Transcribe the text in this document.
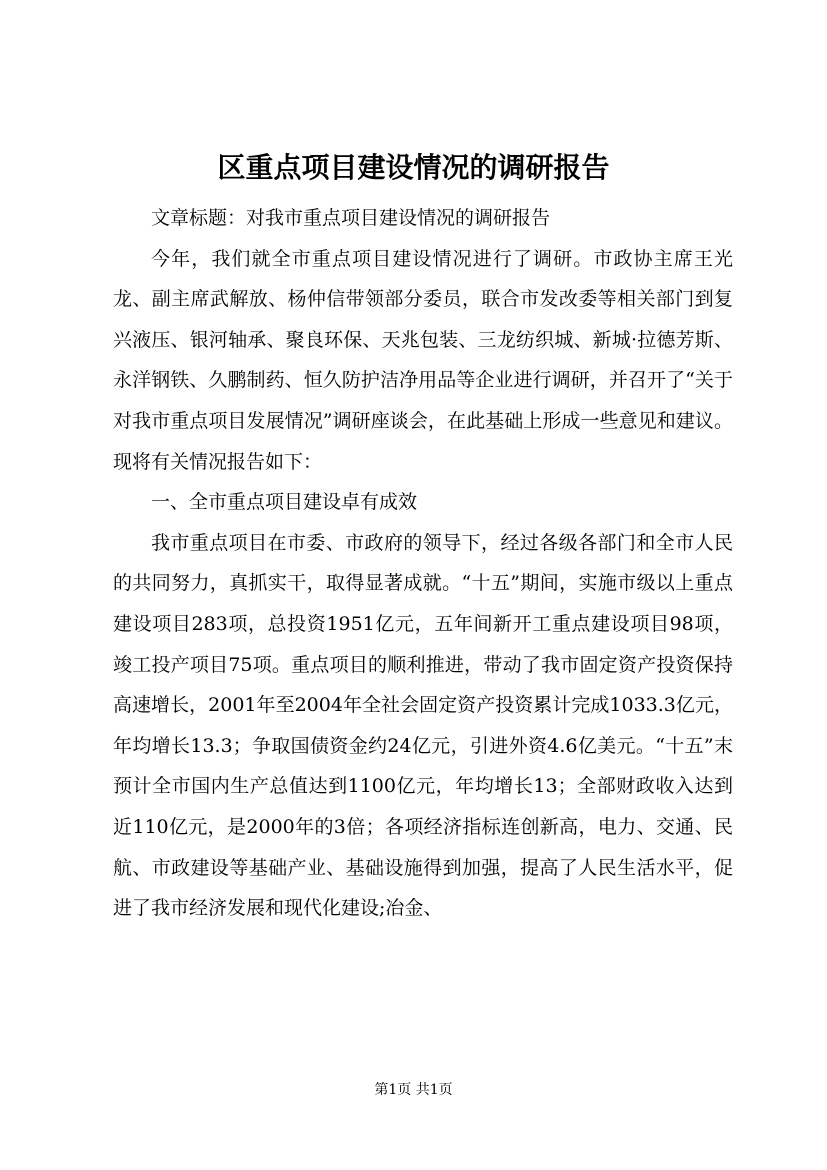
区重点项目建设情况的调研报告

文章标题：对我市重点项目建设情况的调研报告

今年，我们就全市重点项目建设情况进行了调研。市政协主席王光龙、副主席武解放、杨仲信带领部分委员，联合市发改委等相关部门到复兴液压、银河轴承、聚良环保、天兆包装、三龙纺织城、新城·拉德芳斯、永洋钢铁、久鹏制药、恒久防护洁净用品等企业进行调研，并召开了“关于对我市重点项目发展情况”调研座谈会，在此基础上形成一些意见和建议。现将有关情况报告如下：

一、全市重点项目建设卓有成效

我市重点项目在市委、市政府的领导下，经过各级各部门和全市人民的共同努力，真抓实干，取得显著成就。“十五”期间，实施市级以上重点建设项目283项，总投资1951亿元，五年间新开工重点建设项目98项，竣工投产项目75项。重点项目的顺利推进，带动了我市固定资产投资保持高速增长，2001年至2004年全社会固定资产投资累计完成1033.3亿元，年均增长13.3；争取国债资金约24亿元，引进外资4.6亿美元。“十五”末预计全市国内生产总值达到1100亿元，年均增长13；全部财政收入达到近110亿元，是2000年的3倍；各项经济指标连创新高，电力、交通、民航、市政建设等基础产业、基础设施得到加强，提高了人民生活水平，促进了我市经济发展和现代化建设;冶金、

第1页 共1页
